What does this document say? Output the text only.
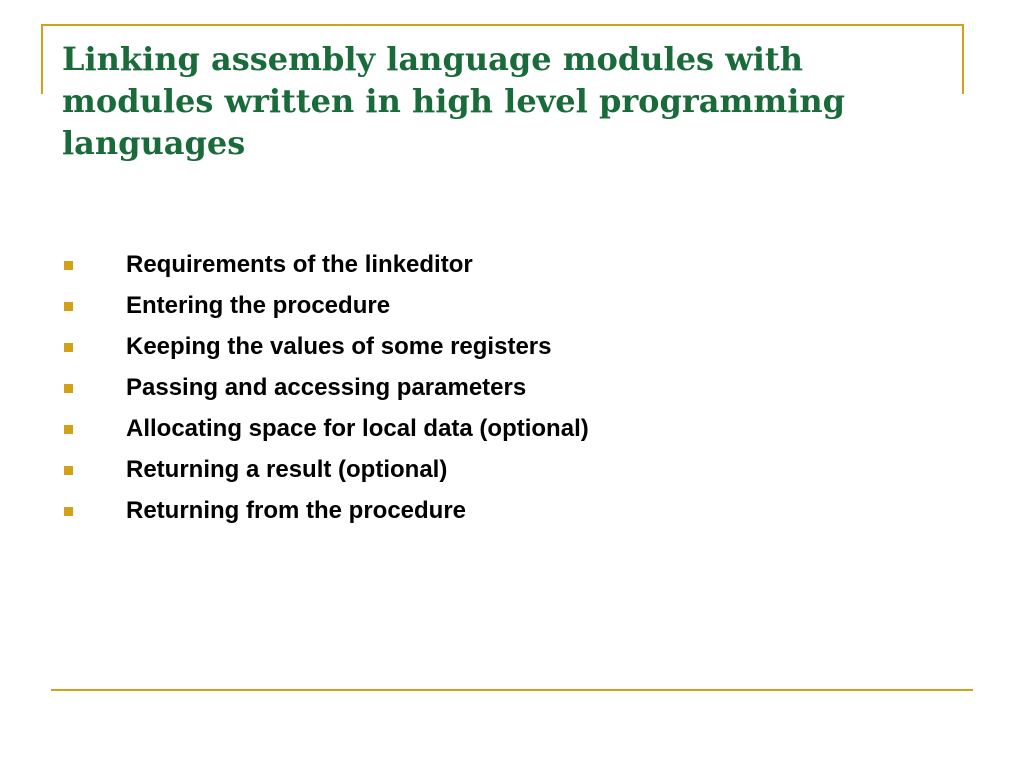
Linking assembly language modules with modules written in high level programming languages
Requirements of the linkeditor
Entering the procedure
Keeping the values of some registers
Passing and accessing parameters
Allocating space for local data (optional)
Returning a result (optional)
Returning from the procedure
